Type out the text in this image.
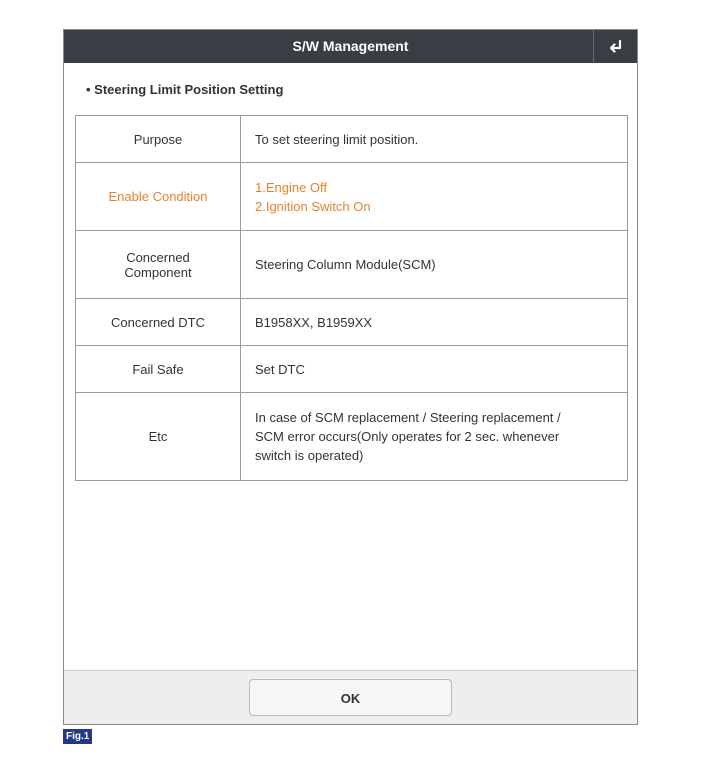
S/W Management
• Steering Limit Position Setting
Purpose	To set steering limit position.

Enable Condition	1.Engine Off
2.Ignition Switch On

Concerned
Component	Steering Column Module(SCM)

Concerned DTC	B1958XX, B1959XX

Fail Safe	Set DTC

Etc	In case of SCM replacement / Steering replacement /
SCM error occurs(Only operates for 2 sec. whenever
switch is operated)
OK
Fig.1
